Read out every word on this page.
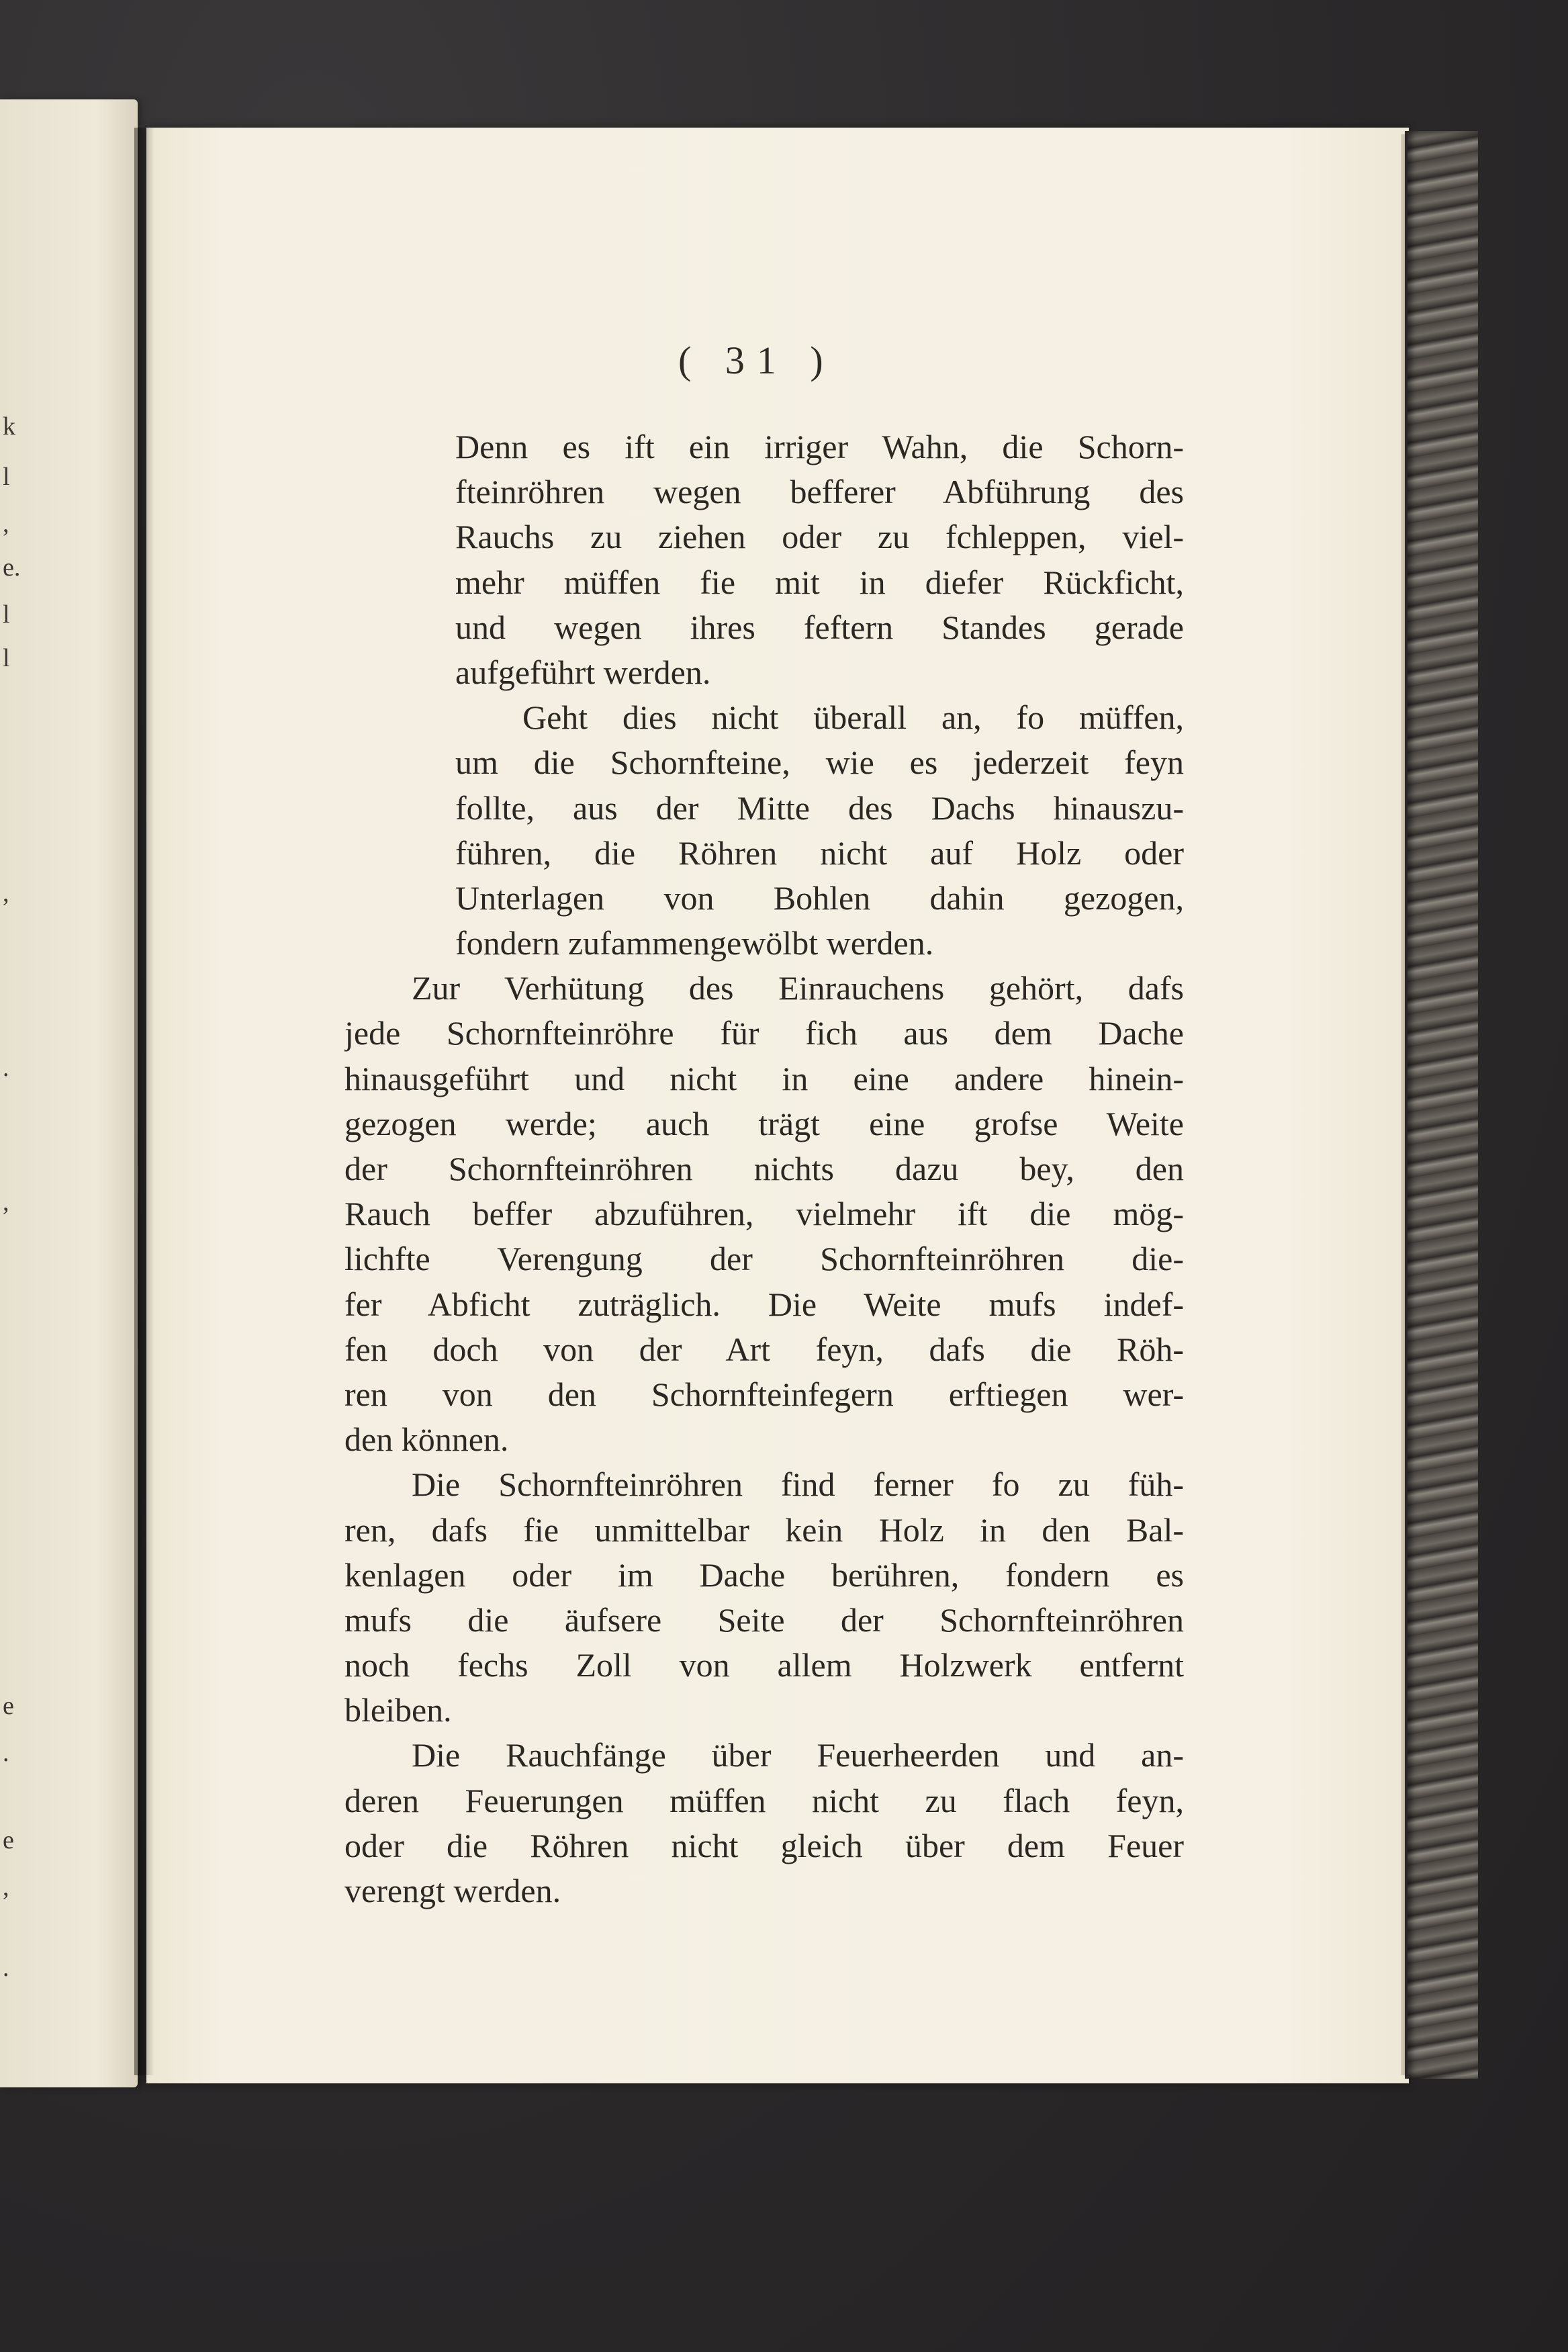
k
l
,
e.
l
l
,
.
,
e
.
e
,
.
( 31 )
Denn es ift ein irriger Wahn, die Schorn-
fteinröhren wegen befferer Abführung des
Rauchs zu ziehen oder zu fchleppen, viel-
mehr müffen fie mit in diefer Rückficht,
und wegen ihres feftern Standes gerade
aufgeführt werden.
Geht dies nicht überall an, fo müffen,
um die Schornfteine, wie es jederzeit feyn
follte, aus der Mitte des Dachs hinauszu-
führen, die Röhren nicht auf Holz oder
Unterlagen von Bohlen dahin gezogen,
fondern zufammengewölbt werden.
Zur Verhütung des Einrauchens gehört, dafs
jede Schornfteinröhre für fich aus dem Dache
hinausgeführt und nicht in eine andere hinein-
gezogen werde; auch trägt eine grofse Weite
der Schornfteinröhren nichts dazu bey, den
Rauch beffer abzuführen, vielmehr ift die mög-
lichfte Verengung der Schornfteinröhren die-
fer Abficht zuträglich. Die Weite mufs indef-
fen doch von der Art feyn, dafs die Röh-
ren von den Schornfteinfegern erftiegen wer-
den können.
Die Schornfteinröhren find ferner fo zu füh-
ren, dafs fie unmittelbar kein Holz in den Bal-
kenlagen oder im Dache berühren, fondern es
mufs die äufsere Seite der Schornfteinröhren
noch fechs Zoll von allem Holzwerk entfernt
bleiben.
Die Rauchfänge über Feuerheerden und an-
deren Feuerungen müffen nicht zu flach feyn,
oder die Röhren nicht gleich über dem Feuer
verengt werden.
